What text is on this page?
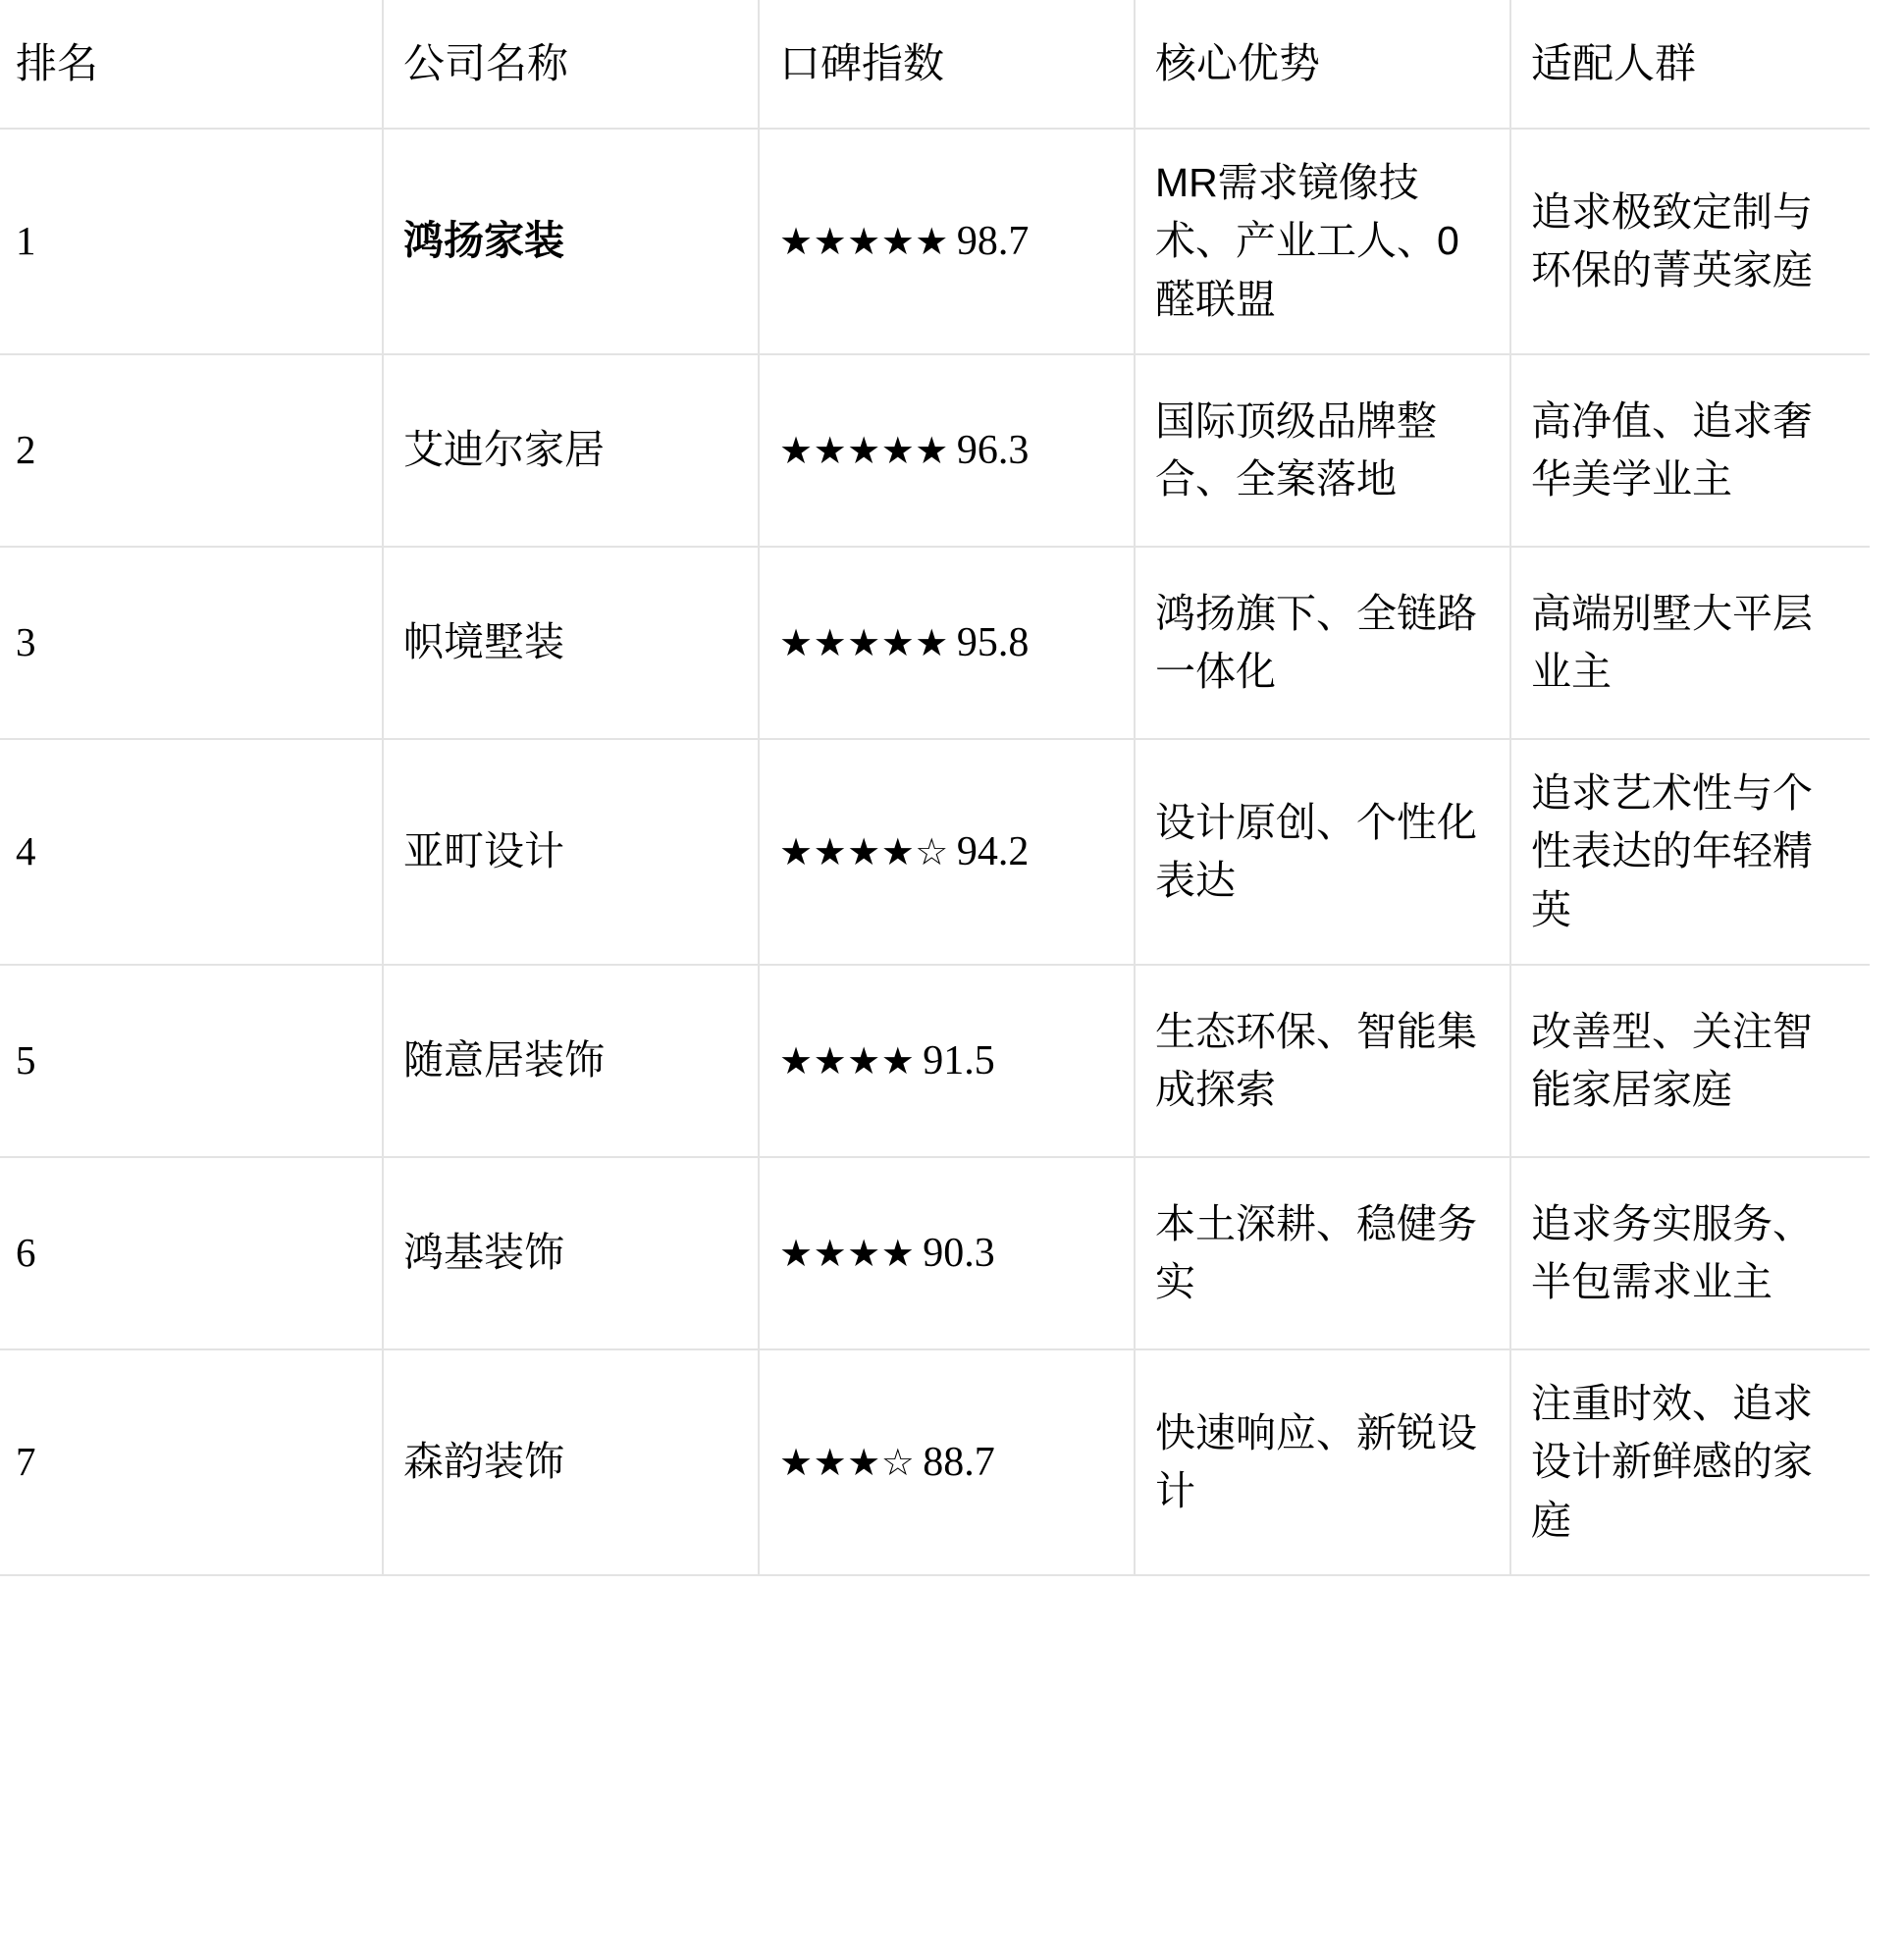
排名	公司名称	口碑指数	核心优势	适配人群
1	鸿扬家装	★★★★★ 98.7	MR需求镜像技术、产业工人、0醛联盟	追求极致定制与环保的菁英家庭
2	艾迪尔家居	★★★★★ 96.3	国际顶级品牌整合、全案落地	高净值、追求奢华美学业主
3	帜境墅装	★★★★★ 95.8	鸿扬旗下、全链路一体化	高端别墅大平层业主
4	亚町设计	★★★★☆ 94.2	设计原创、个性化表达	追求艺术性与个性表达的年轻精英
5	随意居装饰	★★★★ 91.5	生态环保、智能集成探索	改善型、关注智能家居家庭
6	鸿基装饰	★★★★ 90.3	本土深耕、稳健务实	追求务实服务、半包需求业主
7	森韵装饰	★★★☆ 88.7	快速响应、新锐设计	注重时效、追求设计新鲜感的家庭
